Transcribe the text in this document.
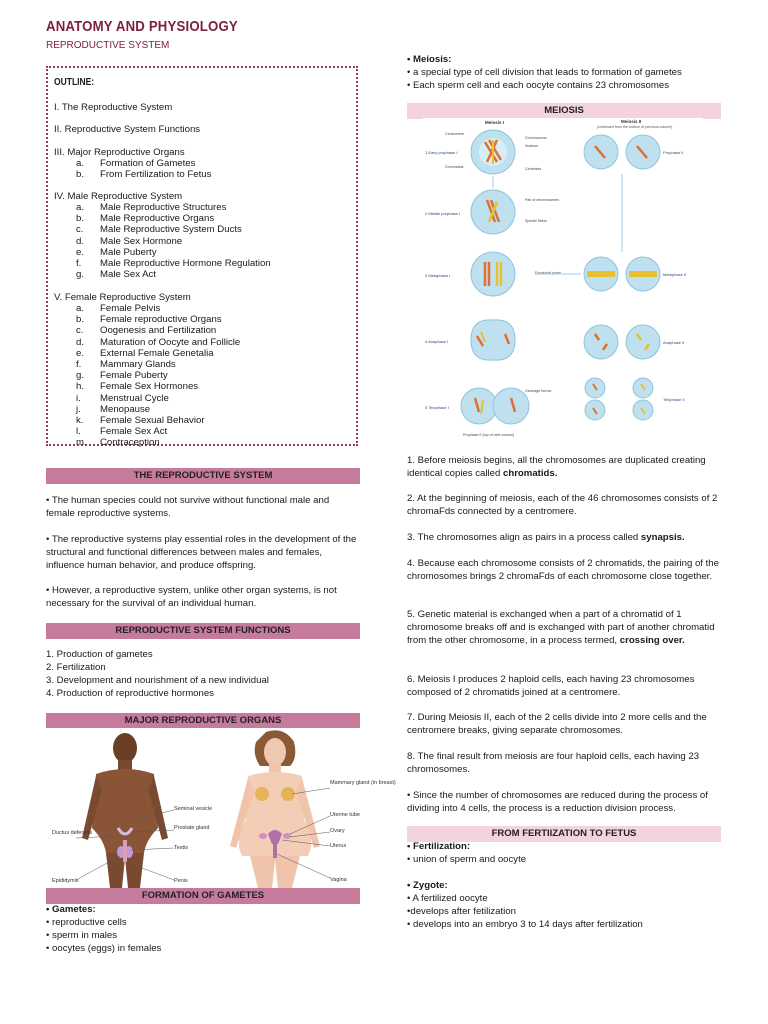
ANATOMY AND PHYSIOLOGY
REPRODUCTIVE SYSTEM
OUTLINE:
I. The Reproductive System
II. Reproductive System Functions
III. Major Reproductive Organs
a. Formation of Gametes
b. From Fertilization to Fetus
IV. Male Reproductive System
a. Male Reproductive Structures
b. Male Reproductive Organs
c. Male Reproductive System Ducts
d. Male Sex Hormone
e. Male Puberty
f. Male Reproductive Hormone Regulation
g. Male Sex Act
V. Female Reproductive System
a. Female Pelvis
b. Female reproductive Organs
c. Oogenesis and Fertilization
d. Maturation of Oocyte and Follicle
e. External Female Genetalia
f. Mammary Glands
g. Female Puberty
h. Female Sex Hormones
i. Menstrual Cycle
j. Menopause
k. Female Sexual Behavior
l. Female Sex Act
m. Contraception
THE REPRODUCTIVE SYSTEM
• The human species could not survive without functional male and female reproductive systems.
• The reproductive systems play essential roles in the development of the structural and functional differences between males and females, influence human behavior, and produce offspring.
• However, a reproductive system, unlike other organ systems, is not necessary for the survival of an individual human.
REPRODUCTIVE SYSTEM FUNCTIONS
1. Production of gametes
2. Fertilization
3. Development and nourishment of a new individual
4. Production of reproductive hormones
MAJOR REPRODUCTIVE ORGANS
Seminal vesicle
Prostate gland
Testis
Ductus deferens
Epididymis	Penis
Mammary gland (in breast)
Uterine tube
Ovary
Uterus
Vagina
FORMATION OF GAMETES
• Gametes:
• reproductive cells
• sperm in males
• oocytes (eggs) in females
• Meiosis:
• a special type of cell division that leads to formation of gametes
• Each sperm cell and each oocyte contains 23 chromosomes
MEIOSIS
Meiosis I	Meiosis II
(continued from the bottom of previous column)
1 Early prophase I
2 Middle prophase I
3 Metaphase I
4 Anaphase I
5 Telophase I
Prophase II
Metaphase II
Anaphase II
Telophase II
Centromere
Chromosome
Nucleus
Chromatids	Centrioles
Pair of chromosomes
Spindle fibers
Equatorial plane
Cleavage furrow
Prophase II (top of next column)
1. Before meiosis begins, all the chromosomes are duplicated creating identical copies called chromatids.
2. At the beginning of meiosis, each of the 46 chromosomes consists of 2 chromaFds connected by a centromere.
3. The chromosomes align as pairs in a process called synapsis.
4. Because each chromosome consists of 2 chromatids, the pairing of the chromosomes brings 2 chromaFds of each chromosome close together.
5. Genetic material is exchanged when a part of a chromatid of 1 chromosome breaks off and is exchanged with part of another chromatid from the other chromosome, in a process termed, crossing over.
6. Meiosis I produces 2 haploid cells, each having 23 chromosomes composed of 2 chromatids joined at a centromere.
7. During Meiosis II, each of the 2 cells divide into 2 more cells and the centromere breaks, giving separate chromosomes.
8. The final result from meiosis are four haploid cells, each having 23 chromosomes.
• Since the number of chromosomes are reduced during the process of dividing into 4 cells, the process is a reduction division process.
FROM FERTIIZATION TO FETUS
• Fertilization:
• union of sperm and oocyte
• Zygote:
• A fertilized oocyte
•develops after fetilization
• develops into an embryo 3 to 14 days after fertilization
